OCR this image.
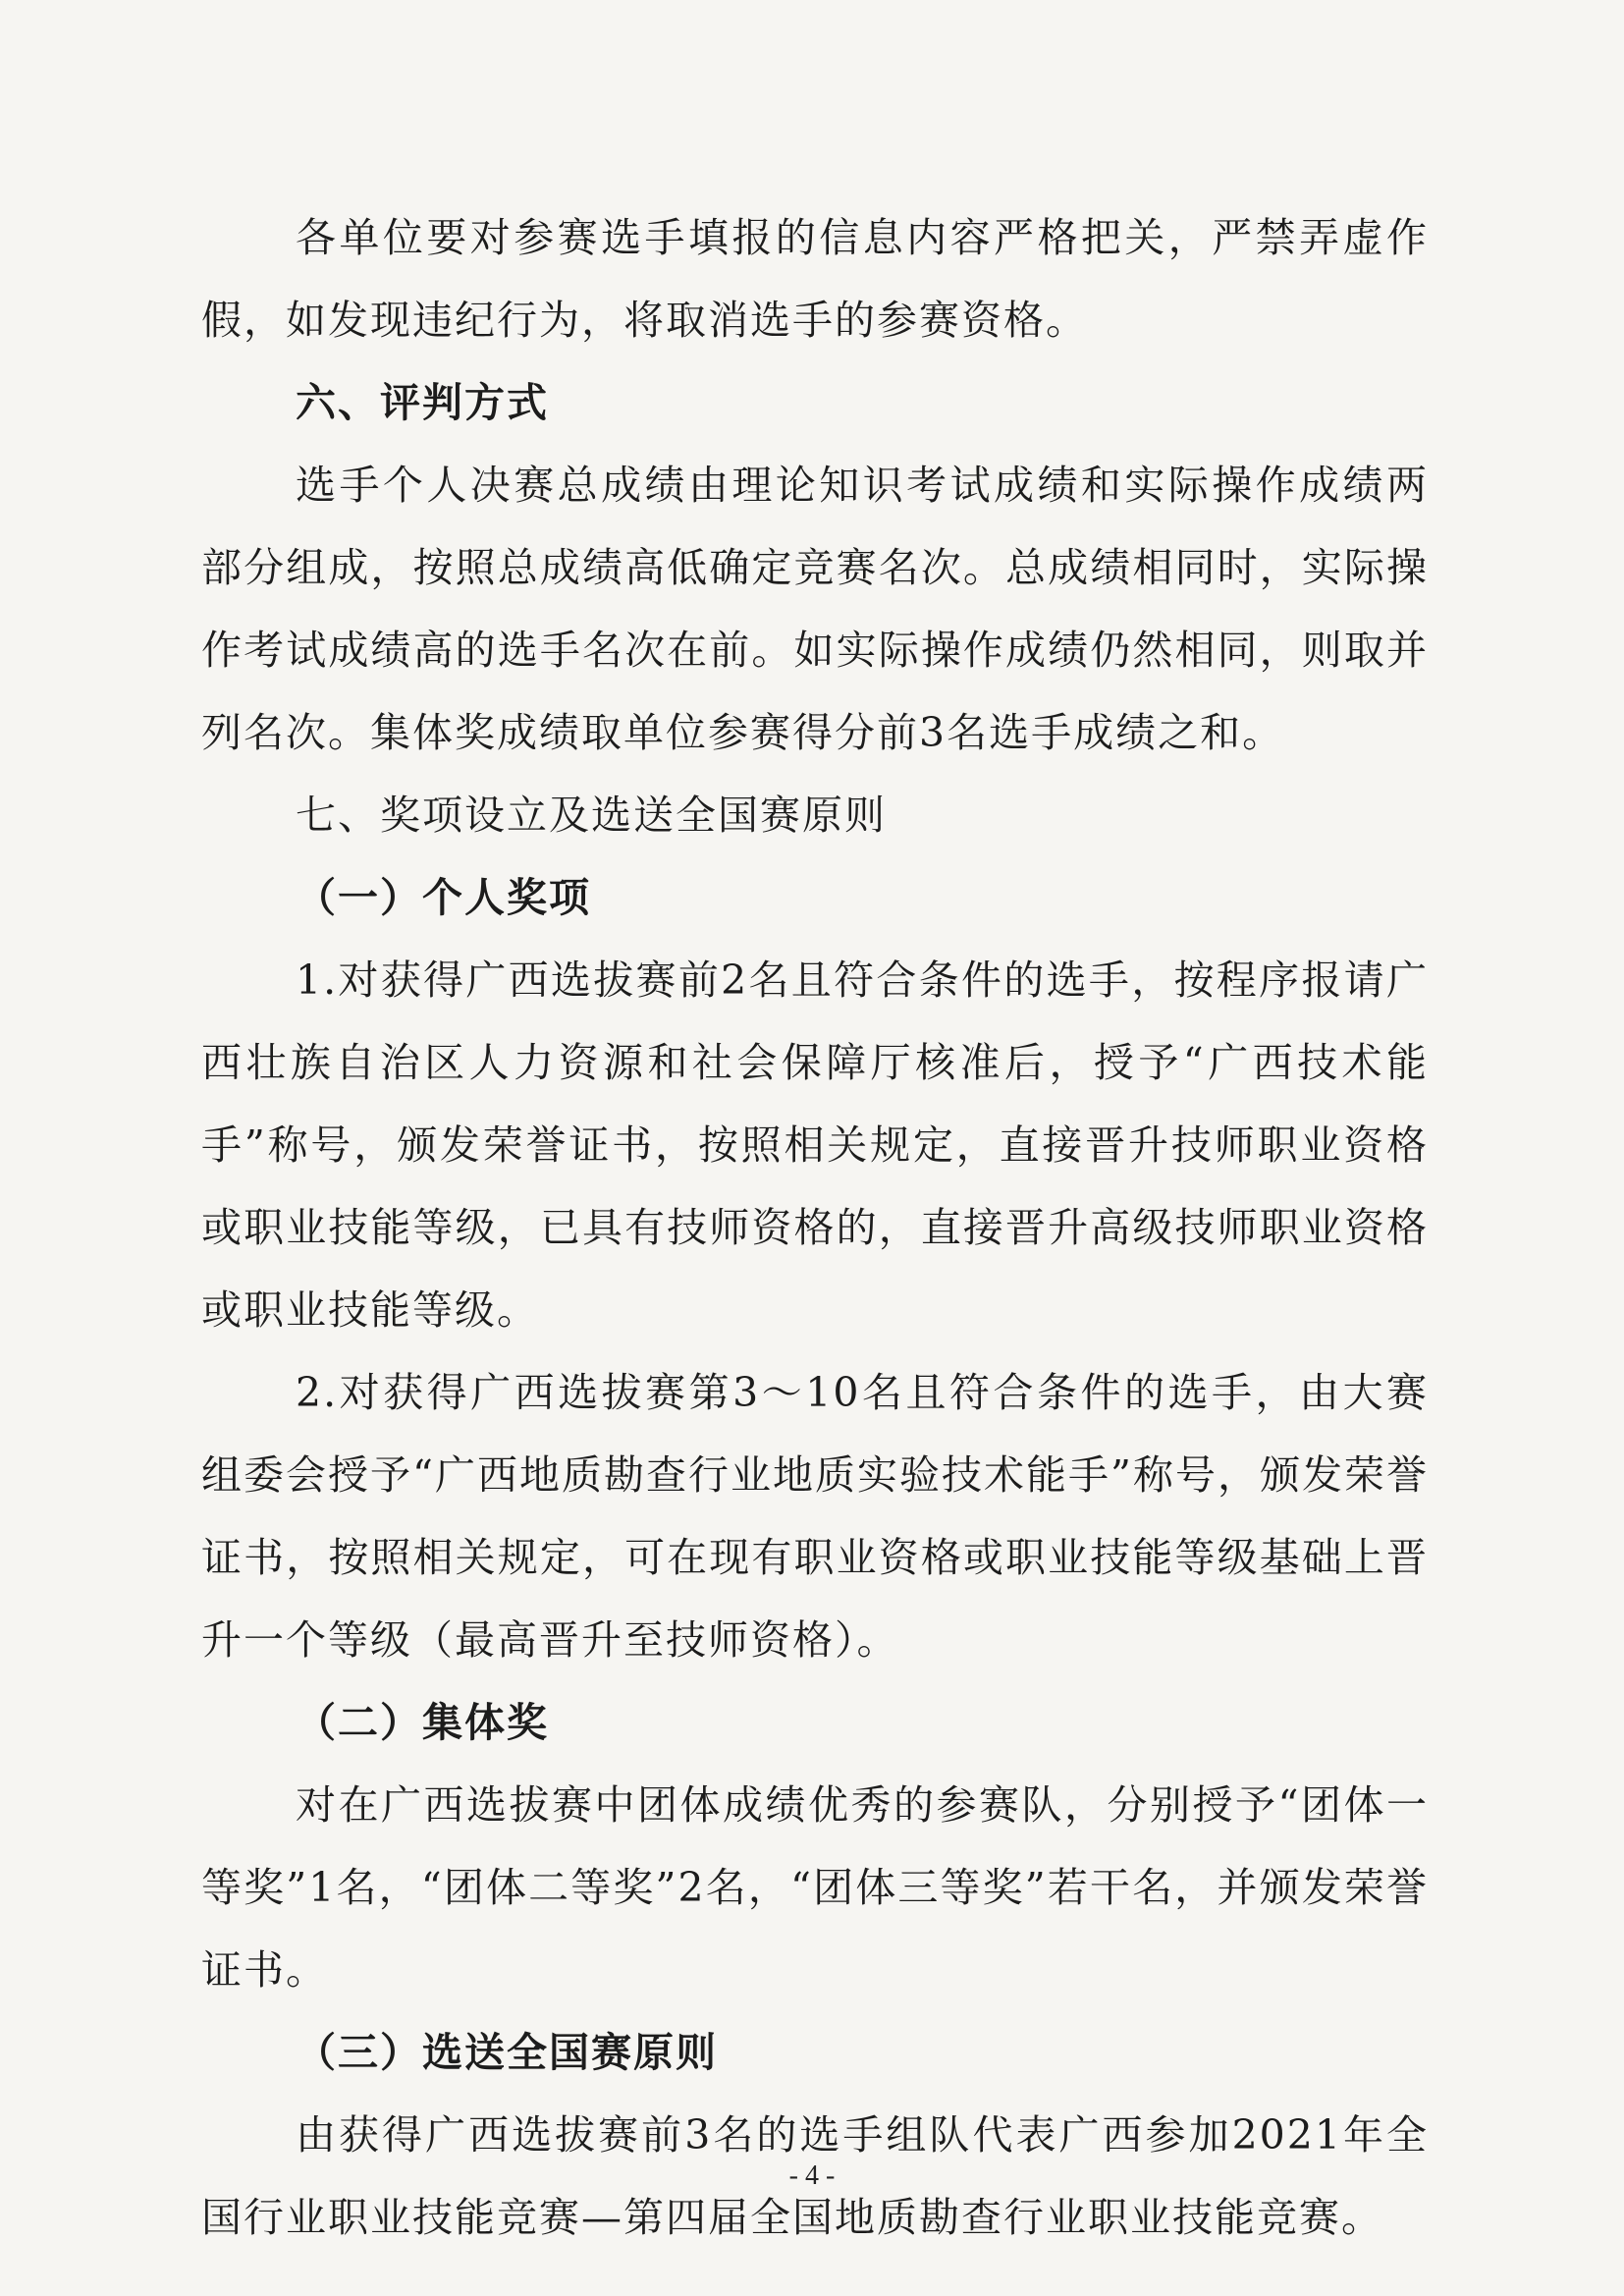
各单位要对参赛选手填报的信息内容严格把关，严禁弄虚作假，如发现违纪行为，将取消选手的参赛资格。

六、评判方式

选手个人决赛总成绩由理论知识考试成绩和实际操作成绩两部分组成，按照总成绩高低确定竞赛名次。总成绩相同时，实际操作考试成绩高的选手名次在前。如实际操作成绩仍然相同，则取并列名次。集体奖成绩取单位参赛得分前3名选手成绩之和。

七、奖项设立及选送全国赛原则

（一）个人奖项

1.对获得广西选拔赛前2名且符合条件的选手，按程序报请广西壮族自治区人力资源和社会保障厅核准后，授予“广西技术能手”称号，颁发荣誉证书，按照相关规定，直接晋升技师职业资格或职业技能等级，已具有技师资格的，直接晋升高级技师职业资格或职业技能等级。

2.对获得广西选拔赛第3～10名且符合条件的选手，由大赛组委会授予“广西地质勘查行业地质实验技术能手”称号，颁发荣誉证书，按照相关规定，可在现有职业资格或职业技能等级基础上晋升一个等级（最高晋升至技师资格）。

（二）集体奖

对在广西选拔赛中团体成绩优秀的参赛队，分别授予“团体一等奖”1名，“团体二等奖”2名，“团体三等奖”若干名，并颁发荣誉证书。

（三）选送全国赛原则

由获得广西选拔赛前3名的选手组队代表广西参加2021年全国行业职业技能竞赛—第四届全国地质勘查行业职业技能竞赛。

- 4 -
